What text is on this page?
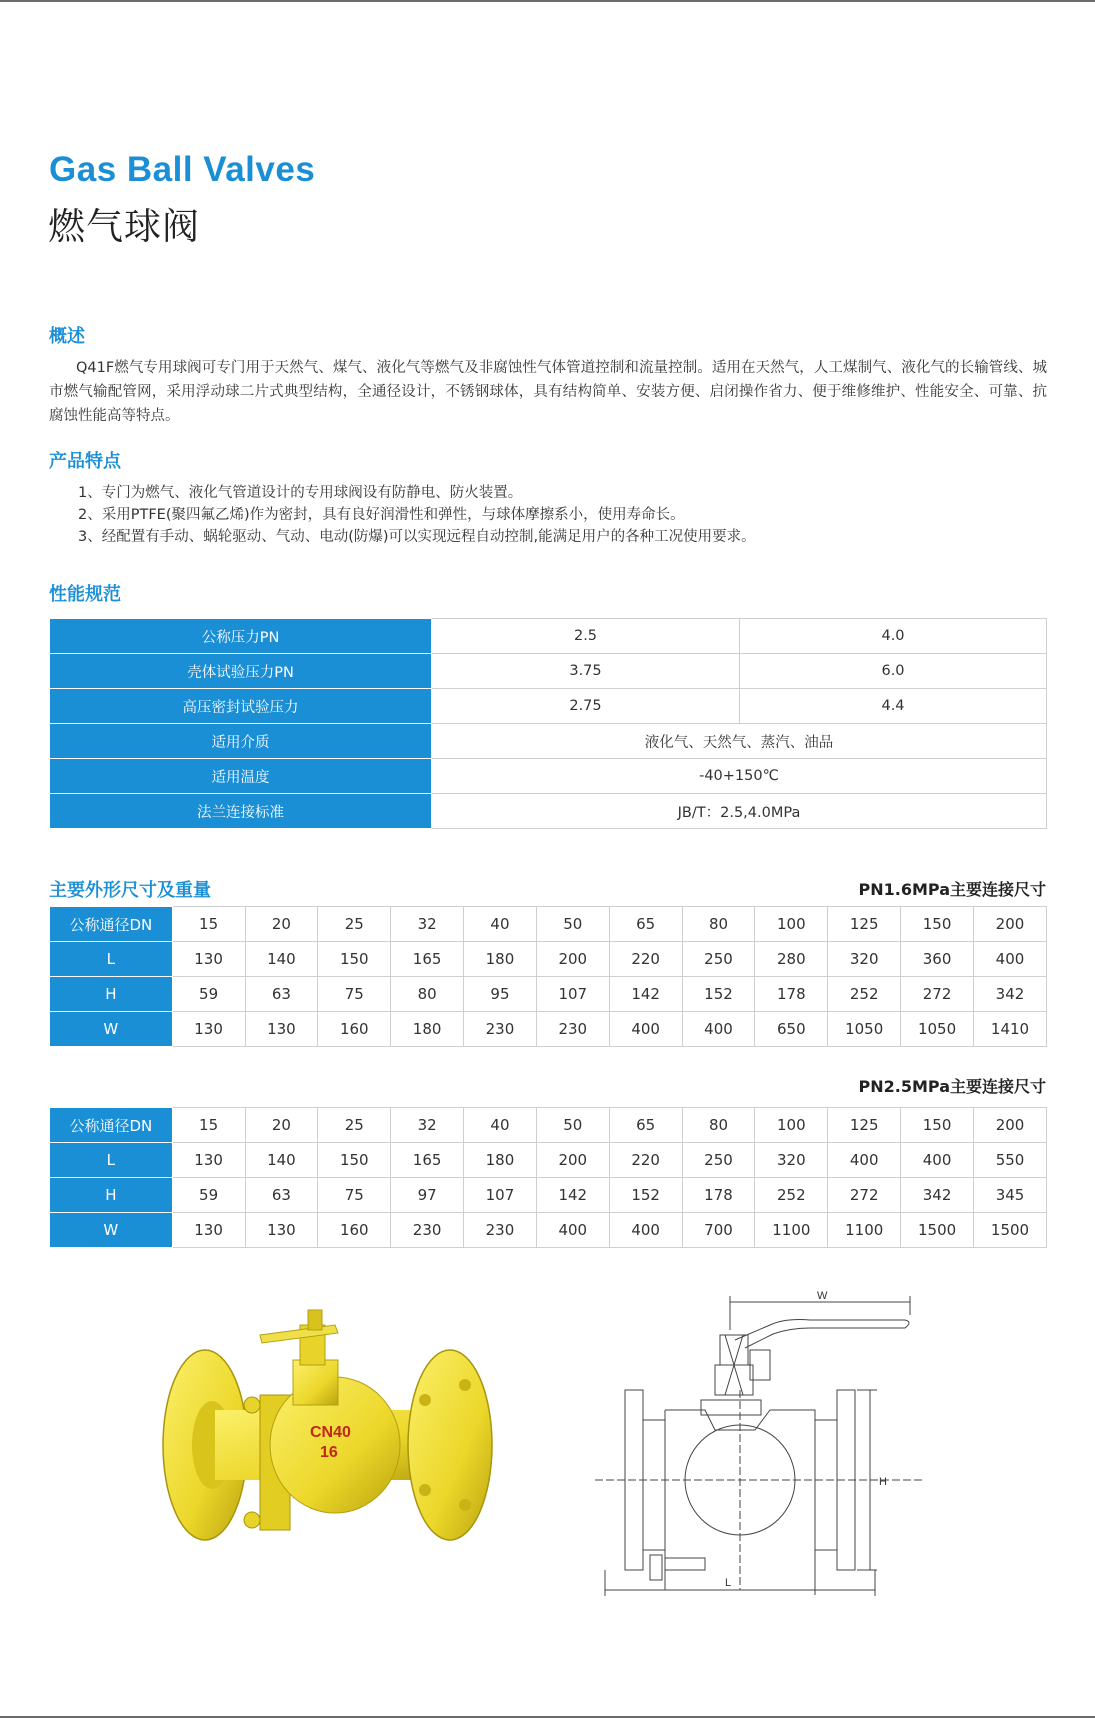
Gas Ball Valves
燃气球阀
概述
Q41F燃气专用球阀可专门用于天然气、煤气、液化气等燃气及非腐蚀性气体管道控制和流量控制。适用在天然气，人工煤制气、液化气的长输管线、城市燃气输配管网，采用浮动球二片式典型结构，全通径设计，不锈钢球体，具有结构简单、安装方便、启闭操作省力、便于维修维护、性能安全、可靠、抗腐蚀性能高等特点。
产品特点
1、专门为燃气、液化气管道设计的专用球阀设有防静电、防火装置。
2、采用PTFE(聚四氟乙烯)作为密封，具有良好润滑性和弹性，与球体摩擦系小，使用寿命长。
3、经配置有手动、蜗轮驱动、气动、电动(防爆)可以实现远程自动控制,能满足用户的各种工况使用要求。
性能规范
公称压力PN	2.5	4.0
壳体试验压力PN	3.75	6.0
高压密封试验压力	2.75	4.4
适用介质	液化气、天然气、蒸汽、油品	
适用温度	-40+150℃	
法兰连接标准	JB/T：2.5,4.0MPa	
主要外形尺寸及重量	PN1.6MPa主要连接尺寸
公称通径DN	15	20	25	32	40	50	65	80	100	125	150	200
L	130	140	150	165	180	200	220	250	280	320	360	400
H	59	63	75	80	95	107	142	152	178	252	272	342
W	130	130	160	180	230	230	400	400	650	1050	1050	1410
PN2.5MPa主要连接尺寸
公称通径DN	15	20	25	32	40	50	65	80	100	125	150	200
L	130	140	150	165	180	200	220	250	320	400	400	550
H	59	63	75	97	107	142	152	178	252	272	342	345
W	130	130	160	230	230	400	400	700	1100	1100	1500	1500
CN40
16
W
L
H
